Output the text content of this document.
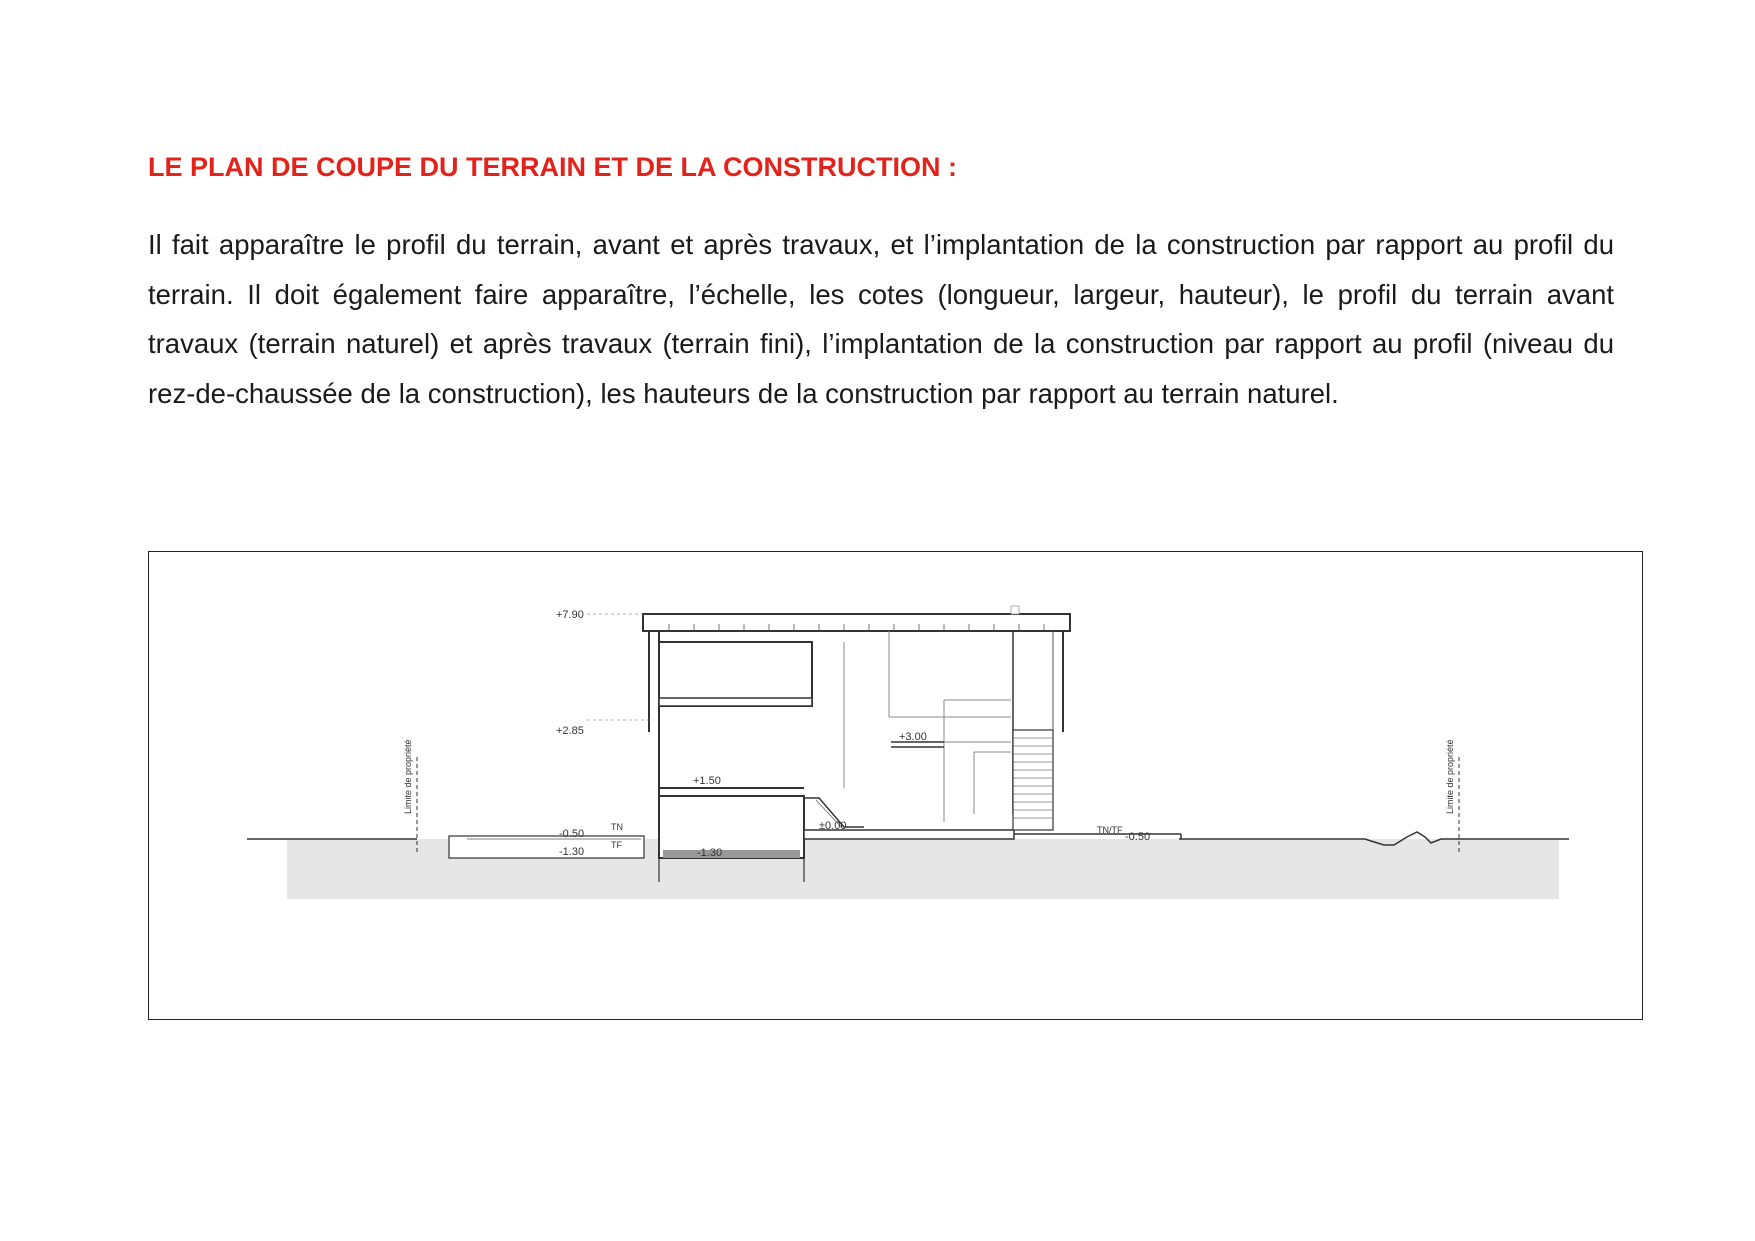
LE PLAN DE COUPE DU TERRAIN ET DE LA CONSTRUCTION :

Il fait apparaître le profil du terrain, avant et après travaux, et l’implantation de la construction par rapport au profil du terrain. Il doit également faire apparaître, l’échelle, les cotes (longueur, largeur, hauteur), le profil du terrain avant travaux (terrain naturel) et après travaux (terrain fini), l’implantation de la construction par rapport au profil (niveau du rez-de-chaussée de la construction), les hauteurs de la construction par rapport au terrain naturel.

Limite de propriété	Limite de propriété
+7.90
+2.85
+1.50
-0.50
-1.30
TN
TF
-1.30
±0.00
+3.00
TN/TF
-0.50
